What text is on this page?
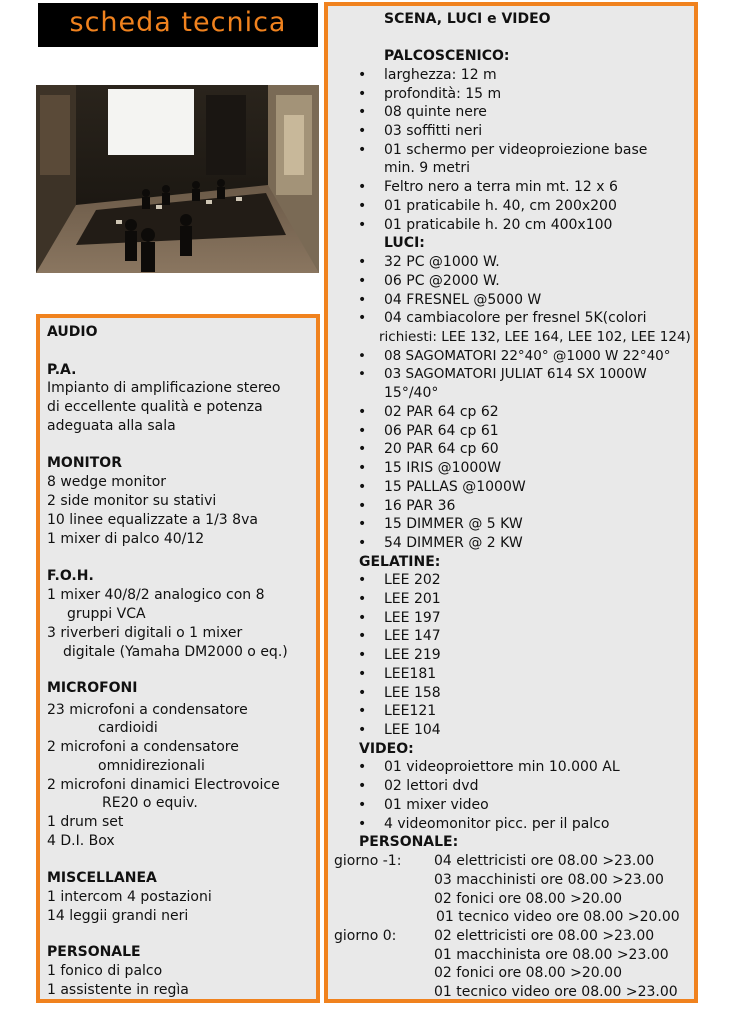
scheda tecnica
AUDIO
P.A.
Impianto di amplificazione stereo
di eccellente qualità e potenza
adeguata alla sala
MONITOR
8 wedge monitor
2 side monitor su stativi
10 linee equalizzate a 1/3 8va
1 mixer di palco 40/12
F.O.H.
1 mixer 40/8/2 analogico con 8
gruppi VCA
3 riverberi digitali o 1 mixer
digitale (Yamaha DM2000 o eq.)
MICROFONI
23 microfoni a condensatore
cardioidi
2 microfoni a condensatore
omnidirezionali
2 microfoni dinamici Electrovoice
RE20 o equiv.
1 drum set
4 D.I. Box
MISCELLANEA
1 intercom 4 postazioni
14 leggii grandi neri
PERSONALE
1 fonico di palco
1 assistente in regìa
SCENA, LUCI e VIDEO
PALCOSCENICO:
• larghezza: 12 m
• profondità: 15 m
• 08 quinte nere
• 03 soffitti neri
• 01 schermo per videoproiezione base
min. 9 metri
• Feltro nero a terra min mt. 12 x 6
• 01 praticabile h. 40, cm 200x200
• 01 praticabile h. 20 cm 400x100
LUCI:
• 32 PC @1000 W.
• 06 PC @2000 W.
• 04 FRESNEL @5000 W
• 04 cambiacolore per fresnel 5K(colori
richiesti: LEE 132, LEE 164, LEE 102, LEE 124)
• 08 SAGOMATORI 22°40° @1000 W 22°40°
• 03 SAGOMATORI JULIAT 614 SX 1000W
15°/40°
• 02 PAR 64 cp 62
• 06 PAR 64 cp 61
• 20 PAR 64 cp 60
• 15 IRIS @1000W
• 15 PALLAS @1000W
• 16 PAR 36
• 15 DIMMER @ 5 KW
• 54 DIMMER @ 2 KW
GELATINE:
• LEE 202
• LEE 201
• LEE 197
• LEE 147
• LEE 219
• LEE181
• LEE 158
• LEE121
• LEE 104
VIDEO:
• 01 videoproiettore min 10.000 AL
• 02 lettori dvd
• 01 mixer video
• 4 videomonitor picc. per il palco
PERSONALE:
giorno -1: 04 elettricisti ore 08.00 >23.00
03 macchinisti ore 08.00 >23.00
02 fonici ore 08.00 >20.00
01 tecnico video ore 08.00 >20.00
giorno 0:	02 elettricisti ore 08.00 >23.00
01 macchinista ore 08.00 >23.00
02 fonici ore 08.00 >20.00
01 tecnico video ore 08.00 >23.00
